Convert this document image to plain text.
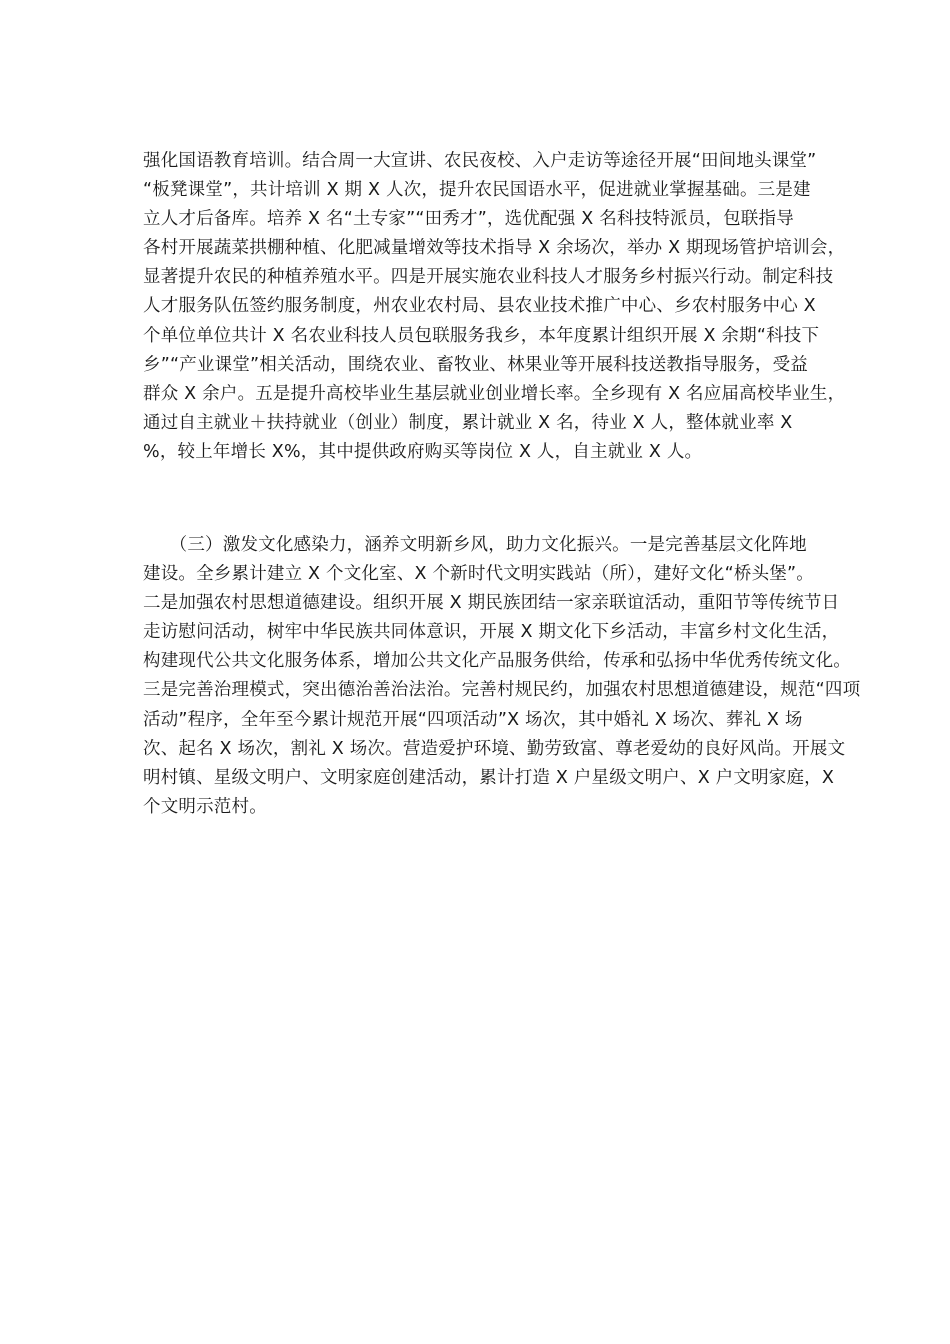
强化国语教育培训。结合周一大宣讲、农民夜校、入户走访等途径开展“田间地头课堂”
“板凳课堂”，共计培训 X 期 X 人次，提升农民国语水平，促进就业掌握基础。三是建
立人才后备库。培养 X 名“土专家”“田秀才”，选优配强 X 名科技特派员，包联指导
各村开展蔬菜拱棚种植、化肥减量增效等技术指导 X 余场次，举办 X 期现场管护培训会，
显著提升农民的种植养殖水平。四是开展实施农业科技人才服务乡村振兴行动。制定科技
人才服务队伍签约服务制度，州农业农村局、县农业技术推广中心、乡农村服务中心 X
个单位单位共计 X 名农业科技人员包联服务我乡，本年度累计组织开展 X 余期“科技下
乡”“产业课堂”相关活动，围绕农业、畜牧业、林果业等开展科技送教指导服务，受益
群众 X 余户。五是提升高校毕业生基层就业创业增长率。全乡现有 X 名应届高校毕业生，
通过自主就业＋扶持就业（创业）制度，累计就业 X 名，待业 X 人，整体就业率 X
%，较上年增长 X%，其中提供政府购买等岗位 X 人，自主就业 X 人。
　　（三）激发文化感染力，涵养文明新乡风，助力文化振兴。一是完善基层文化阵地
建设。全乡累计建立 X 个文化室、X 个新时代文明实践站（所），建好文化“桥头堡”。
二是加强农村思想道德建设。组织开展 X 期民族团结一家亲联谊活动，重阳节等传统节日
走访慰问活动，树牢中华民族共同体意识，开展 X 期文化下乡活动，丰富乡村文化生活，
构建现代公共文化服务体系，增加公共文化产品服务供给，传承和弘扬中华优秀传统文化。
三是完善治理模式，突出德治善治法治。完善村规民约，加强农村思想道德建设，规范“四项
活动”程序，全年至今累计规范开展“四项活动”X 场次，其中婚礼 X 场次、葬礼 X 场
次、起名 X 场次，割礼 X 场次。营造爱护环境、勤劳致富、尊老爱幼的良好风尚。开展文
明村镇、星级文明户、文明家庭创建活动，累计打造 X 户星级文明户、X 户文明家庭，X
个文明示范村。
